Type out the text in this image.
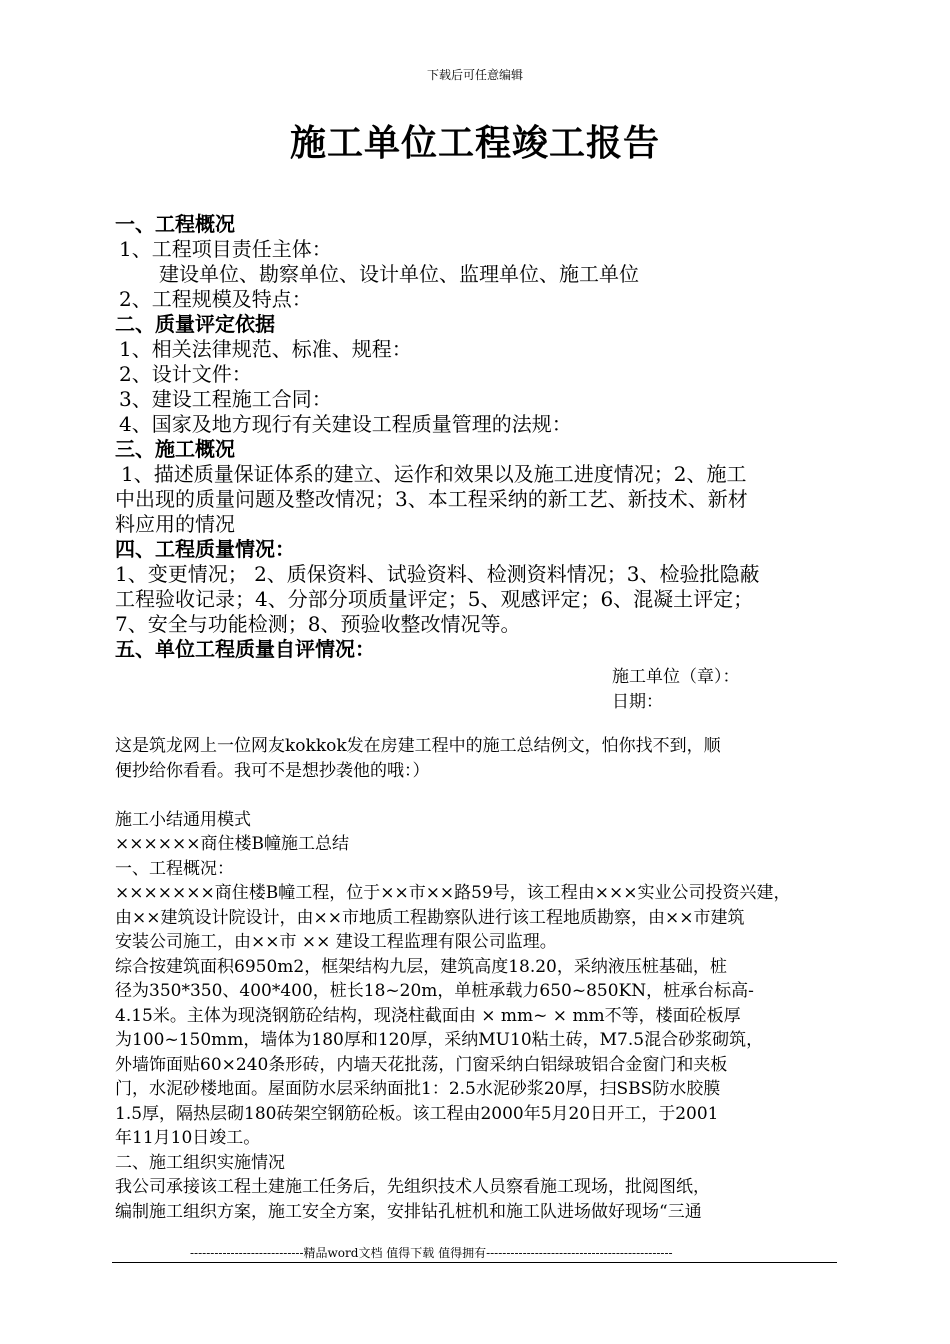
下载后可任意编辑
施工单位工程竣工报告
一、工程概况
1、工程项目责任主体：
建设单位、勘察单位、设计单位、监理单位、施工单位
2、工程规模及特点：
二、质量评定依据
1、相关法律规范、标准、规程：
2、设计文件：
3、建设工程施工合同：
4、国家及地方现行有关建设工程质量管理的法规：
三、施工概况
1、描述质量保证体系的建立、运作和效果以及施工进度情况；2、施工
中出现的质量问题及整改情况；3、本工程采纳的新工艺、新技术、新材
料应用的情况
四、工程质量情况：
1、变更情况； 2、质保资料、试验资料、检测资料情况；3、检验批隐蔽
工程验收记录；4、分部分项质量评定；5、观感评定；6、混凝土评定；
7、安全与功能检测；8、预验收整改情况等。
五、单位工程质量自评情况：
施工单位（章）：
日期：
这是筑龙网上一位网友kokkok发在房建工程中的施工总结例文，怕你找不到，顺
便抄给你看看。我可不是想抄袭他的哦：）

施工小结通用模式
××××××商住楼B幢施工总结
一、工程概况：
×××××××商住楼B幢工程，位于××市××路59号，该工程由×××实业公司投资兴建，
由××建筑设计院设计，由××市地质工程勘察队进行该工程地质勘察，由××市建筑
安装公司施工，由××市 ×× 建设工程监理有限公司监理。
综合按建筑面积6950m2，框架结构九层，建筑高度18.20，采纳液压桩基础，桩
径为350*350、400*400，桩长18~20m，单桩承载力650~850KN，桩承台标高-
4.15米。主体为现浇钢筋砼结构，现浇柱截面由 × mm~ × mm不等，楼面砼板厚
为100~150mm，墙体为180厚和120厚，采纳MU10粘土砖，M7.5混合砂浆砌筑，
外墙饰面贴60×240条形砖，内墙天花批荡，门窗采纳白铝绿玻铝合金窗门和夹板
门，水泥砂楼地面。屋面防水层采纳面批1：2.5水泥砂浆20厚，扫SBS防水胶膜
1.5厚，隔热层砌180砖架空钢筋砼板。该工程由2000年5月20日开工，于2001
年11月10日竣工。
二、施工组织实施情况
我公司承接该工程土建施工任务后，先组织技术人员察看施工现场，批阅图纸，
编制施工组织方案，施工安全方案，安排钻孔桩机和施工队进场做好现场“三通
----------------------------精品word文档 值得下载 值得拥有----------------------------------------------
